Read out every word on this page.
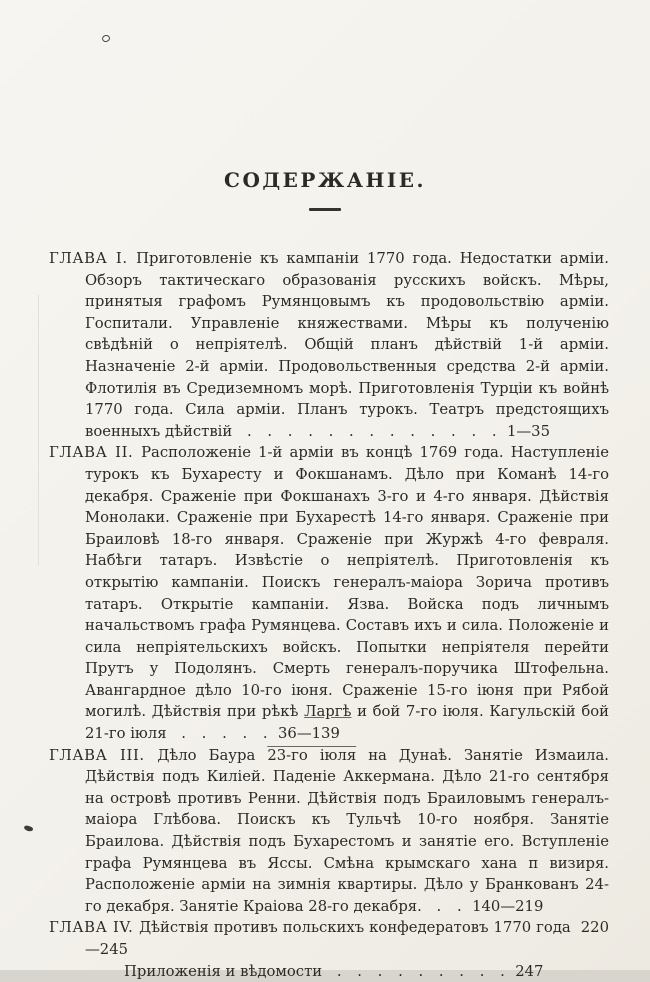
СОДЕРЖАНІЕ.

ГЛАВА I. Приготовленіе къ кампаніи 1770 года. Недостатки арміи. Обзоръ тактическаго образованія русскихъ войскъ. Мѣры, принятыя графомъ Румянцовымъ къ продовольствію арміи. Госпитали. Управленіе княжествами. Мѣры къ полученію свѣдѣній о непріятелѣ. Общій планъ дѣйствій 1-й арміи. Назначеніе 2-й арміи. Продовольственныя средства 2-й арміи. Флотилія въ Средиземномъ морѣ. Приготовленія Турціи къ войнѣ 1770 года. Сила арміи. Планъ турокъ. Театръ предстоящихъ военныхъ дѣйствій . . . . . . . . . . . . .  1—35

ГЛАВА II. Расположеніе 1-й арміи въ концѣ 1769 года. Наступленіе турокъ къ Бухаресту и Фокшанамъ. Дѣло при Команѣ 14-го декабря. Сраженіе при Фокшанахъ 3-го и 4-го января. Дѣйствія Монолаки. Сраженіе при Бухарестѣ 14-го января. Сраженіе при Браиловѣ 18-го января. Сраженіе при Журжѣ 4-го февраля. Набѣги татаръ. Извѣстіе о непріятелѣ. Приготовленія къ открытію кампаніи. Поискъ генералъ-маіора Зорича противъ татаръ. Открытіе кампаніи. Язва. Войска подъ личнымъ начальствомъ графа Румянцева. Составъ ихъ и сила. Положеніе и сила непріятельскихъ войскъ. Попытки непріятеля перейти Прутъ у Подолянъ. Смерть генералъ-поручика Штофельна. Авангардное дѣло 10-го іюня. Сраженіе 15-го іюня при Рябой могилѣ. Дѣйствія при рѣкѣ Ларгѣ и бой 7-го іюля. Кагульскій бой 21-го іюля . . . . .  36—139

ГЛАВА III. Дѣло Баура 23-го іюля на Дунаѣ. Занятіе Измаила. Дѣйствія подъ Киліей. Паденіе Аккермана. Дѣло 21-го сентября на островѣ противъ Ренни. Дѣйствія подъ Браиловымъ генералъ-маіора Глѣбова. Поискъ къ Тульчѣ 10-го ноября. Занятіе Браилова. Дѣйствія подъ Бухарестомъ и занятіе его. Вступленіе графа Румянцева въ Яссы. Смѣна крымскаго хана п визиря. Расположеніе арміи на зимнія квартиры. Дѣло у Бранкованъ 24-го декабря. Занятіе Краіова 28-го декабря. . .  140—219

ГЛАВА IV. Дѣйствія противъ польскихъ конфедератовъ 1770 года  220—245

Приложенія и вѣдомости . . . . . . . . .  247
